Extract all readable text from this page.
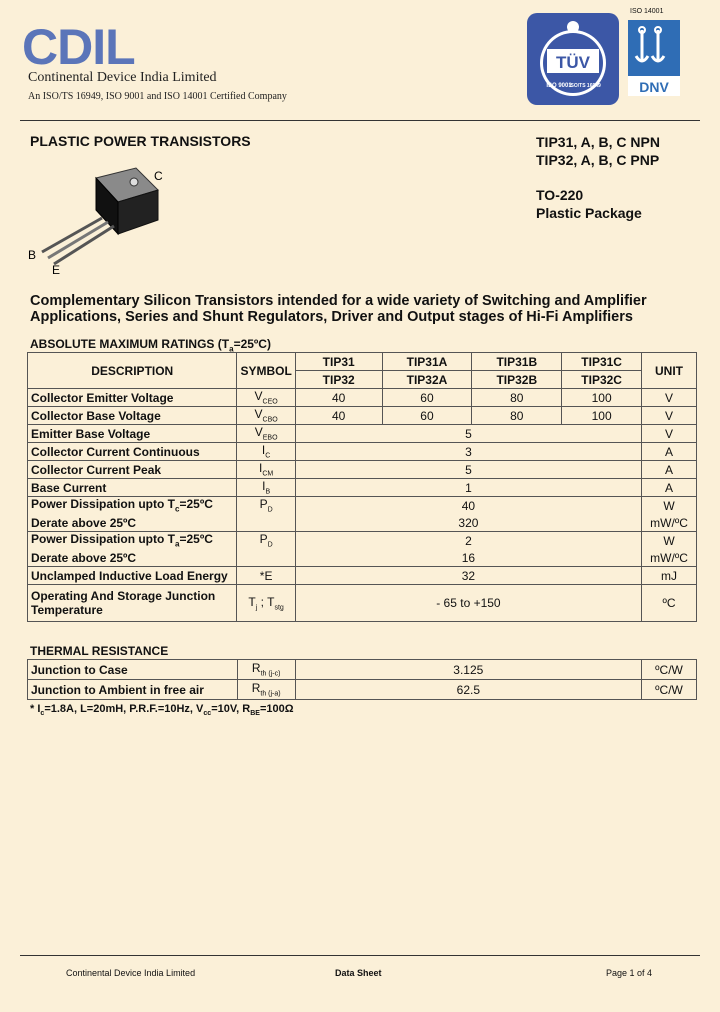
CDIL
Continental Device India Limited
An ISO/TS 16949, ISO 9001 and ISO 14001 Certified Company
TÜV
MANAGEMENT SERVICE
ISO 9001
ISO/TS 16949
ISO 14001
DNV
PLASTIC POWER TRANSISTORS	TIP31, A, B, C NPN
TIP32, A, B, C PNP
TO-220
Plastic Package
C
B
E
Complementary Silicon Transistors intended for a wide variety of Switching and Amplifier Applications, Series and Shunt Regulators, Driver and Output stages of Hi-Fi Amplifiers
ABSOLUTE MAXIMUM RATINGS $(T_a=25ºC)$
DESCRIPTION	SYMBOL	TIP31	TIP31A	TIP31B	TIP31C	UNIT
		TIP32	TIP32A	TIP32B	TIP32C	
Collector Emitter Voltage	$V_{CEO}$	40	60	80	100	V
Collector Base Voltage	$V_{CBO}$	40	60	80	100	V
Emitter Base Voltage	$V_{EBO}$	5				V
Collector Current Continuous	$I_C$	3				A
Collector Current Peak	$I_{CM}$	5				A
Base Current	$I_B$	1				A
Power Dissipation upto $T_c=25ºC$	$P_D$	40				W
Derate above 25ºC		320				mW/ºC
Power Dissipation upto $T_a=25ºC$	$P_D$	2				W
Derate above 25ºC		16				mW/ºC
Unclamped Inductive Load Energy	*E	32				mJ

Operating And Storage Junction
Temperature	$T_j$ ; $T_{stg}$	- 65 to +150				ºC
THERMAL RESISTANCE
Junction to Case	$R_{th (j-c)}$	3.125	ºC/W
Junction to Ambient in free air	$R_{th (j-a)}$	62.5	ºC/W
* $I_c=1.8A$, L=20mH, P.R.F.=10Hz, $V_{cc}=10V$, $R_{BE}=100\Omega$
Continental Device India Limited	Data Sheet	Page 1 of 4
